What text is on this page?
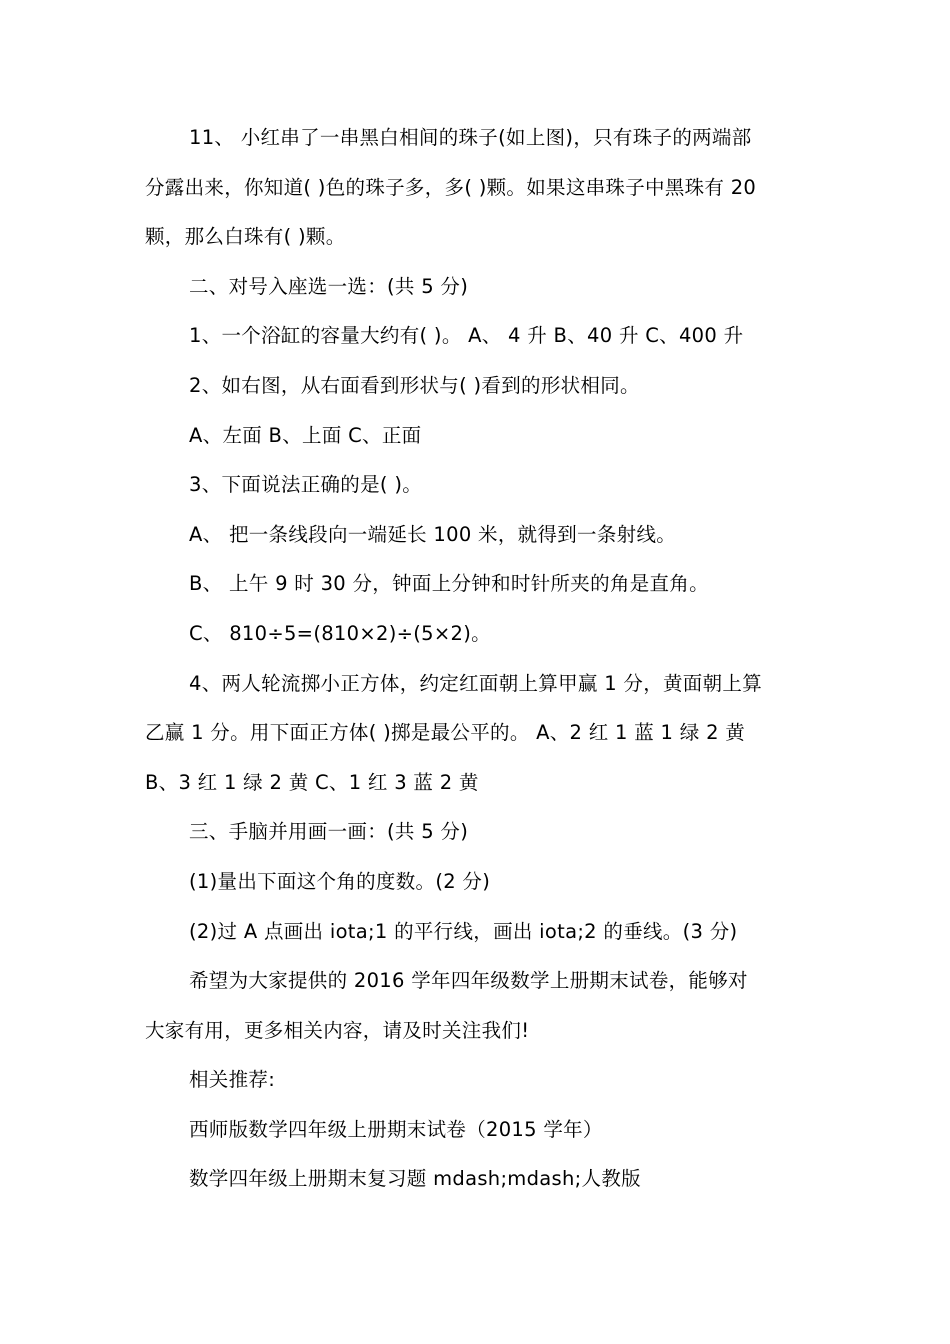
11、 小红串了一串黑白相间的珠子(如上图)，只有珠子的两端部
分露出来，你知道( )色的珠子多，多( )颗。如果这串珠子中黑珠有 20
颗，那么白珠有( )颗。
二、对号入座选一选：(共 5 分)
1、一个浴缸的容量大约有( )。 A、 4 升 B、40 升 C、400 升
2、如右图，从右面看到形状与( )看到的形状相同。
A、左面 B、上面 C、正面
3、下面说法正确的是( )。
A、 把一条线段向一端延长 100 米，就得到一条射线。
B、 上午 9 时 30 分，钟面上分钟和时针所夹的角是直角。
C、 810÷5=(810×2)÷(5×2)。
4、两人轮流掷小正方体，约定红面朝上算甲赢 1 分，黄面朝上算
乙赢 1 分。用下面正方体( )掷是最公平的。 A、2 红 1 蓝 1 绿 2 黄
B、3 红 1 绿 2 黄 C、1 红 3 蓝 2 黄
三、手脑并用画一画：(共 5 分)
(1)量出下面这个角的度数。(2 分)
(2)过 A 点画出 iota;1 的平行线，画出 iota;2 的垂线。(3 分)
希望为大家提供的 2016 学年四年级数学上册期末试卷，能够对
大家有用，更多相关内容，请及时关注我们!
相关推荐:
西师版数学四年级上册期末试卷（2015 学年）
数学四年级上册期末复习题 mdash;mdash;人教版
